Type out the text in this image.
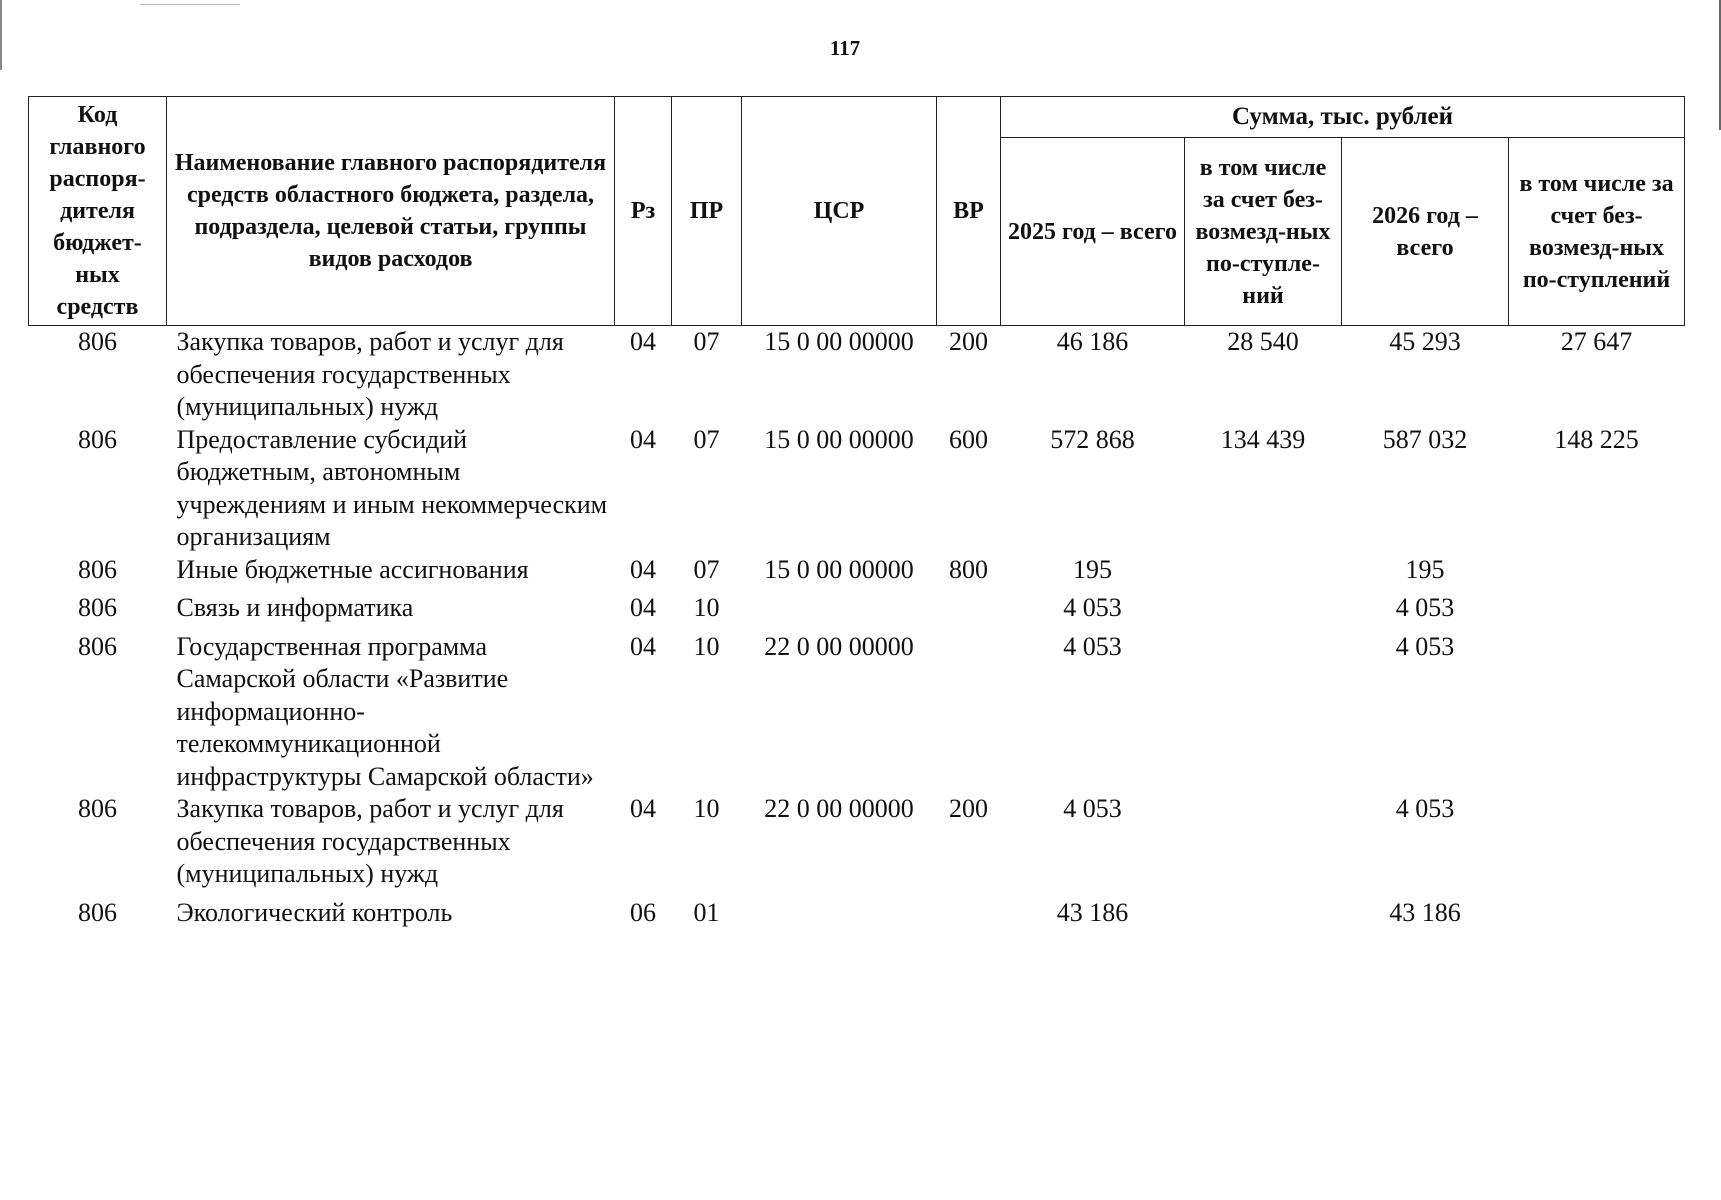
117
Код главного распоря-дителя бюджет-ных средств	Наименование главного распорядителя средств областного бюджета, раздела, подраздела, целевой статьи, группы видов расходов	Рз	ПР	ЦСР	ВР	Сумма, тыс. рублей			
						2025 год – всего	в том числе за счет без-возмезд-ных по-ступле-ний	2026 год – всего	в том числе за счет без-возмезд-ных по-ступлений
806	Закупка товаров, работ и услуг для обеспечения государственных (муниципальных) нужд	04	07	15 0 00 00000	200	46 186	28 540	45 293	27 647
806	Предоставление субсидий бюджетным, автономным учреждениям и иным некоммерческим организациям	04	07	15 0 00 00000	600	572 868	134 439	587 032	148 225
806	Иные бюджетные ассигнования	04	07	15 0 00 00000	800	195		195	
806	Связь и информатика	04	10			4 053		4 053	
806	Государственная программа Самарской области «Развитие информационно-телекоммуникационной инфраструктуры Самарской области»	04	10	22 0 00 00000		4 053		4 053	
806	Закупка товаров, работ и услуг для обеспечения государственных (муниципальных) нужд	04	10	22 0 00 00000	200	4 053		4 053	
806	Экологический контроль	06	01			43 186		43 186	
